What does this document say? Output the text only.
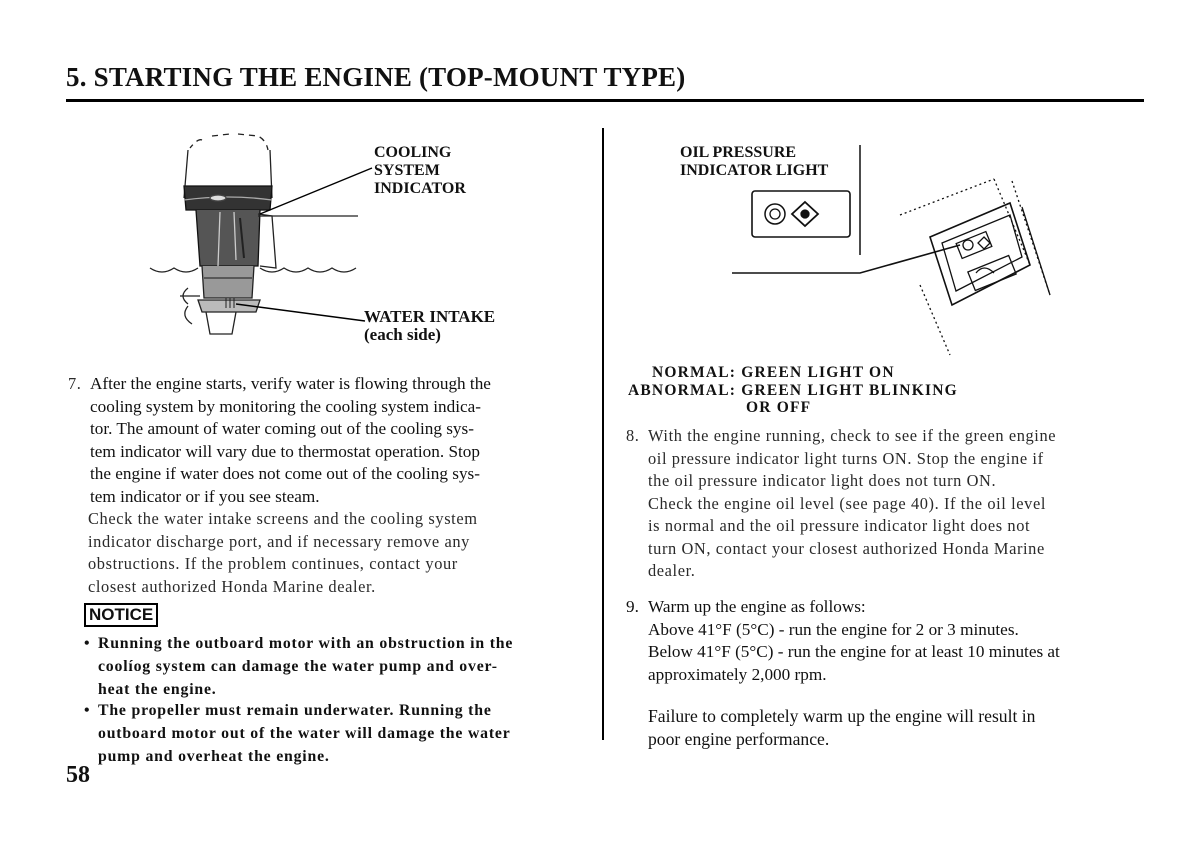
5. STARTING THE ENGINE (TOP-MOUNT TYPE)
COOLING
SYSTEM
INDICATOR
WATER INTAKE
(each side)
OIL PRESSURE
INDICATOR LIGHT
NORMAL: GREEN LIGHT ON
ABNORMAL: GREEN LIGHT BLINKING
OR OFF
7. After the engine starts, verify water is flowing through the
cooling system by monitoring the cooling system indica-
tor. The amount of water coming out of the cooling sys-
tem indicator will vary due to thermostat operation. Stop
the engine if water does not come out of the cooling sys-
tem indicator or if you see steam.
Check the water intake screens and the cooling system
indicator discharge port, and if necessary remove any
obstructions. If the problem continues, contact your
closest authorized Honda Marine dealer.
NOTICE
• Running the outboard motor with an obstruction in the
coolíog system can damage the water pump and over-
heat the engine.
• The propeller must remain underwater. Running the
outboard motor out of the water will damage the water
pump and overheat the engine.
8. With the engine running, check to see if the green engine
oil pressure indicator light turns ON. Stop the engine if
the oil pressure indicator light does not turn ON.
Check the engine oil level (see page 40). If the oil level
is normal and the oil pressure indicator light does not
turn ON, contact your closest authorized Honda Marine
dealer.
9. Warm up the engine as follows:
Above 41°F (5°C) - run the engine for 2 or 3 minutes.
Below 41°F (5°C) - run the engine for at least 10 minutes at
approximately 2,000 rpm.
Failure to completely warm up the engine will result in
poor engine performance.
58
